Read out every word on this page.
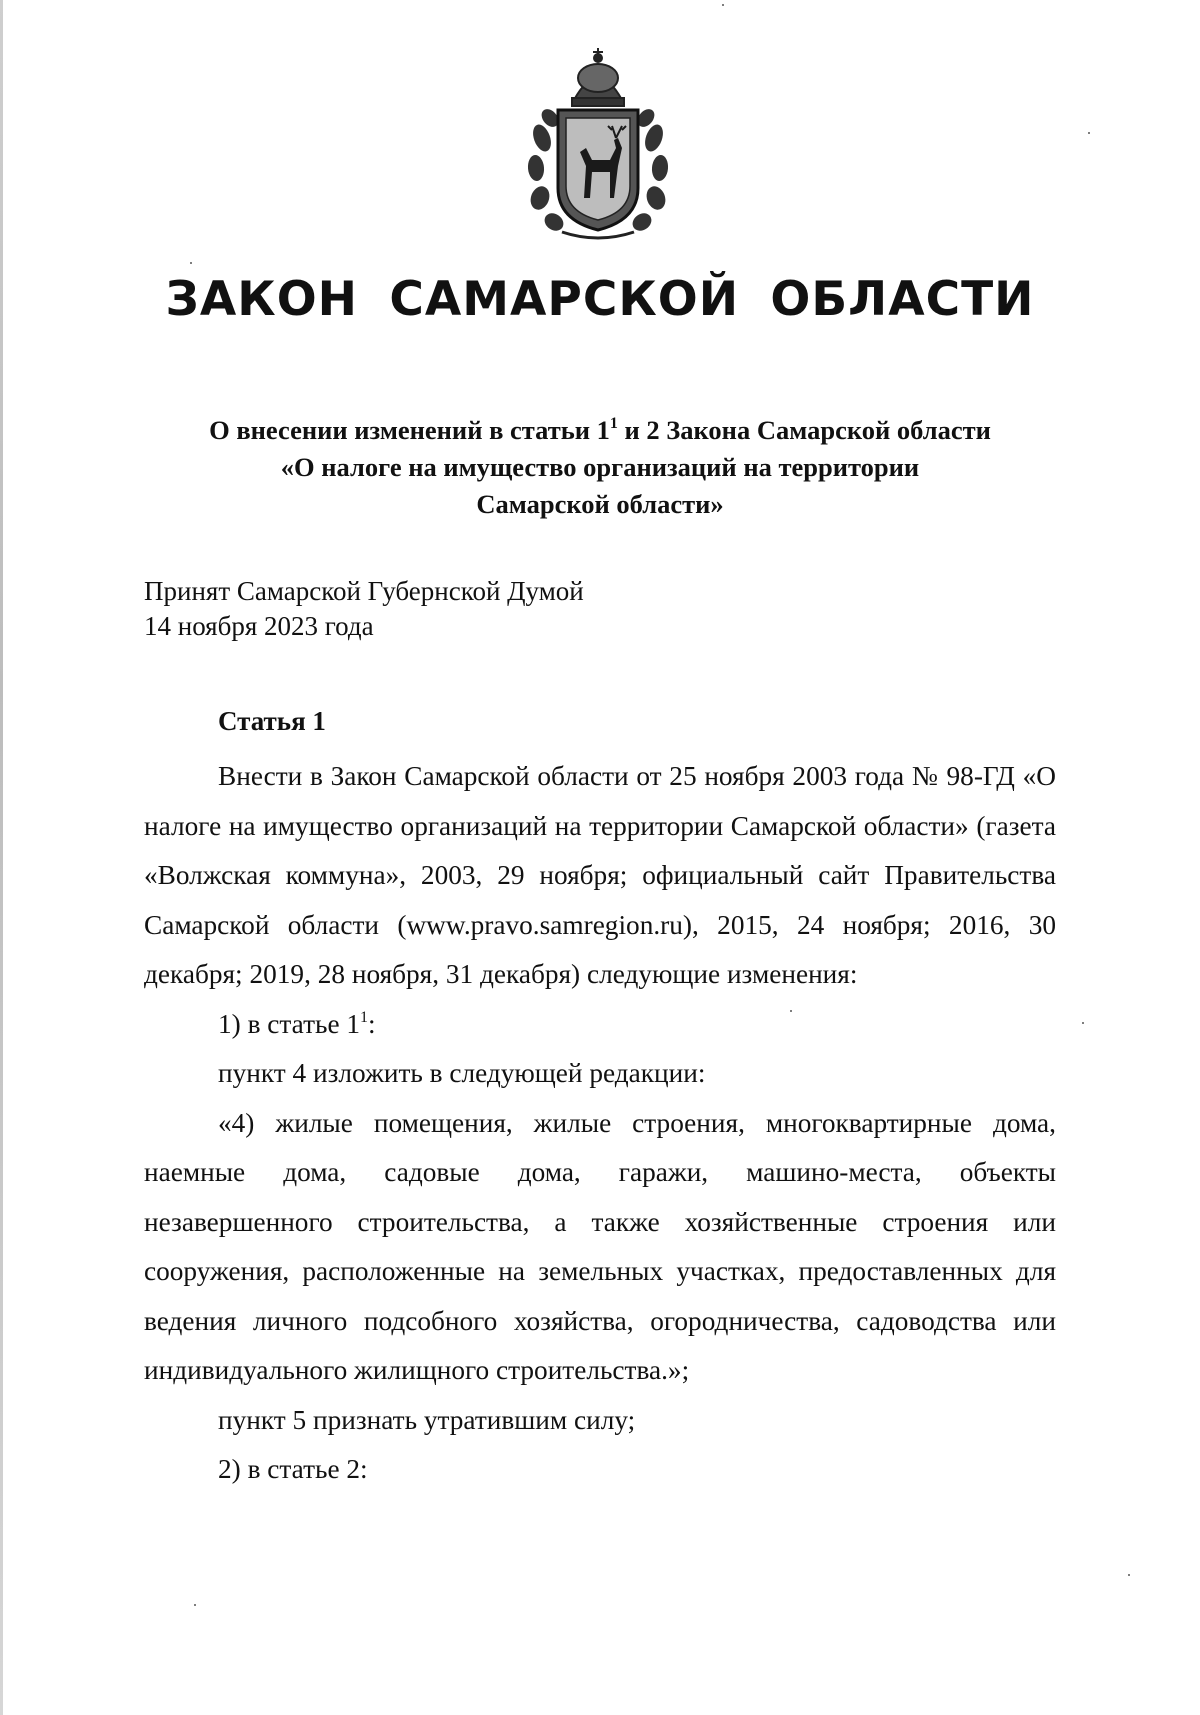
ЗАКОН САМАРСКОЙ ОБЛАСТИ
О внесении изменений в статьи $1^1$ и 2 Закона Самарской области
«О налоге на имущество организаций на территории
Самарской области»
Принят Самарской Губернской Думой
14 ноября 2023 года
Статья 1

Внести в Закон Самарской области от 25 ноября 2003 года № 98-ГД «О налоге на имущество организаций на территории Самарской области» (газета «Волжская коммуна», 2003, 29 ноября; официальный сайт Правительства Самарской области (www.pravo.samregion.ru), 2015, 24 ноября; 2016, 30 декабря; 2019, 28 ноября, 31 декабря) следующие изменения:

1) в статье $1^1$:

пункт 4 изложить в следующей редакции:

«4) жилые помещения, жилые строения, многоквартирные дома, наемные дома, садовые дома, гаражи, машино-места, объекты незавершенного строительства, а также хозяйственные строения или сооружения, расположенные на земельных участках, предоставленных для ведения личного подсобного хозяйства, огородничества, садоводства или индивидуального жилищного строительства.»;

пункт 5 признать утратившим силу;

2) в статье 2:
